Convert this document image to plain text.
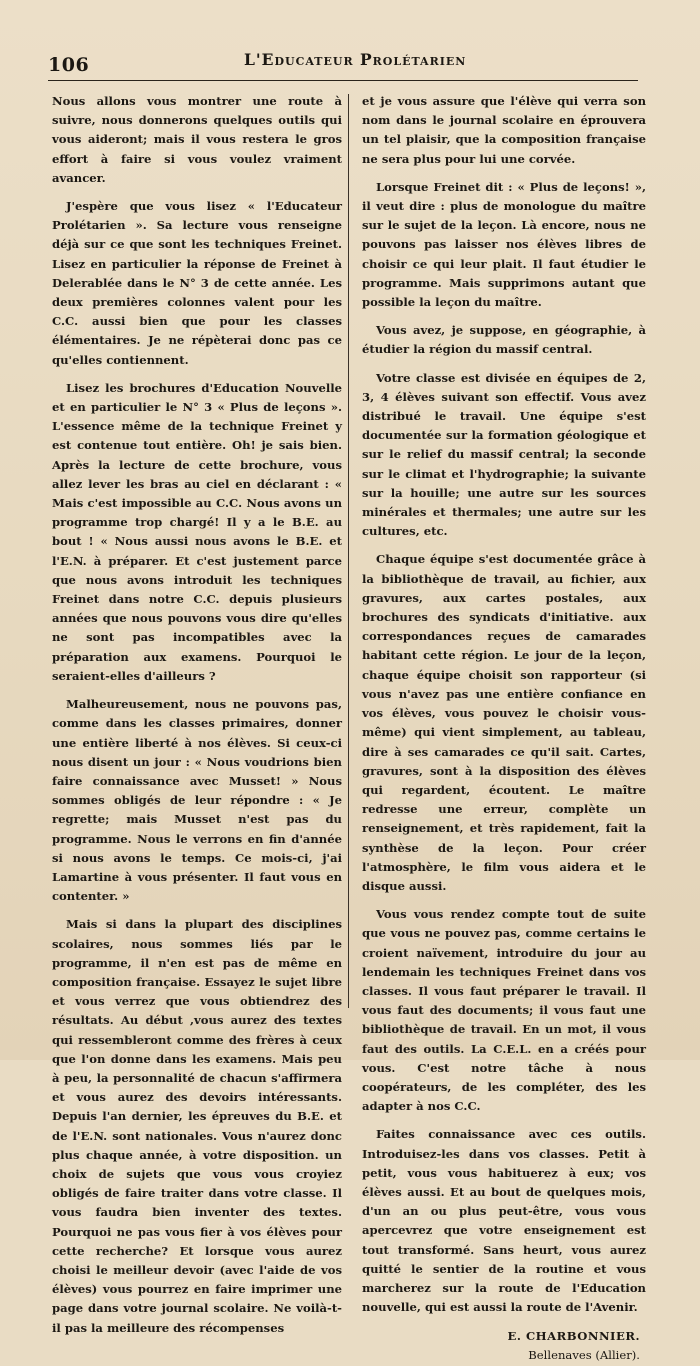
106	L'Educateur Prolétarien

Nous allons vous montrer une route à suivre, nous donnerons quelques outils qui vous aideront; mais il vous restera le gros effort à faire si vous voulez vraiment avancer.

J'espère que vous lisez « l'Educateur Prolétarien ». Sa lecture vous renseigne déjà sur ce que sont les techniques Freinet. Lisez en particulier la réponse de Freinet à Delerablée dans le N° 3 de cette année. Les deux premières colonnes valent pour les C.C. aussi bien que pour les classes élémentaires. Je ne répèterai donc pas ce qu'elles contiennent.

Lisez les brochures d'Education Nouvelle et en particulier le N° 3 « Plus de leçons ». L'essence même de la technique Freinet y est contenue tout entière. Oh! je sais bien. Après la lecture de cette brochure, vous allez lever les bras au ciel en déclarant : « Mais c'est impossible au C.C. Nous avons un programme trop chargé! Il y a le B.E. au bout ! « Nous aussi nous avons le B.E. et l'E.N. à préparer. Et c'est justement parce que nous avons introduit les techniques Freinet dans notre C.C. depuis plusieurs années que nous pouvons vous dire qu'elles ne sont pas incompatibles avec la préparation aux examens. Pourquoi le seraient-elles d'ailleurs ?

Malheureusement, nous ne pouvons pas, comme dans les classes primaires, donner une entière liberté à nos élèves. Si ceux-ci nous disent un jour : « Nous voudrions bien faire connaissance avec Musset! » Nous sommes obligés de leur répondre : « Je regrette; mais Musset n'est pas du programme. Nous le verrons en fin d'année si nous avons le temps. Ce mois-ci, j'ai Lamartine à vous présenter. Il faut vous en contenter. »

Mais si dans la plupart des disciplines scolaires, nous sommes liés par le programme, il n'en est pas de même en composition française. Essayez le sujet libre et vous verrez que vous obtiendrez des résultats. Au début ,vous aurez des textes qui ressembleront comme des frères à ceux que l'on donne dans les examens. Mais peu à peu, la personnalité de chacun s'affirmera et vous aurez des devoirs intéressants. Depuis l'an dernier, les épreuves du B.E. et de l'E.N. sont nationales. Vous n'aurez donc plus chaque année, à votre disposition. un choix de sujets que vous vous croyiez obligés de faire traiter dans votre classe. Il vous faudra bien inventer des textes. Pourquoi ne pas vous fier à vos élèves pour cette recherche? Et lorsque vous aurez choisi le meilleur devoir (avec l'aide de vos élèves) vous pourrez en faire imprimer une page dans votre journal scolaire. Ne voilà-t-il pas la meilleure des récompenses

et je vous assure que l'élève qui verra son nom dans le journal scolaire en éprouvera un tel plaisir, que la composition française ne sera plus pour lui une corvée.

Lorsque Freinet dit : « Plus de leçons! », il veut dire : plus de monologue du maître sur le sujet de la leçon. Là encore, nous ne pouvons pas laisser nos élèves libres de choisir ce qui leur plait. Il faut étudier le programme. Mais supprimons autant que possible la leçon du maître.

Vous avez, je suppose, en géographie, à étudier la région du massif central.

Votre classe est divisée en équipes de 2, 3, 4 élèves suivant son effectif. Vous avez distribué le travail. Une équipe s'est documentée sur la formation géologique et sur le relief du massif central; la seconde sur le climat et l'hydrographie; la suivante sur la houille; une autre sur les sources minérales et thermales; une autre sur les cultures, etc.

Chaque équipe s'est documentée grâce à la bibliothèque de travail, au fichier, aux gravures, aux cartes postales, aux brochures des syndicats d'initiative. aux correspondances reçues de camarades habitant cette région. Le jour de la leçon, chaque équipe choisit son rapporteur (si vous n'avez pas une entière confiance en vos élèves, vous pouvez le choisir vous-même) qui vient simplement, au tableau, dire à ses camarades ce qu'il sait. Cartes, gravures, sont à la disposition des élèves qui regardent, écoutent. Le maître redresse une erreur, complète un renseignement, et très rapidement, fait la synthèse de la leçon. Pour créer l'atmosphère, le film vous aidera et le disque aussi.

Vous vous rendez compte tout de suite que vous ne pouvez pas, comme certains le croient naïvement, introduire du jour au lendemain les techniques Freinet dans vos classes. Il vous faut préparer le travail. Il vous faut des documents; il vous faut une bibliothèque de travail. En un mot, il vous faut des outils. La C.E.L. en a créés pour vous. C'est notre tâche à nous coopérateurs, de les compléter, des les adapter à nos C.C.

Faites connaissance avec ces outils. Introduisez-les dans vos classes. Petit à petit, vous vous habituerez à eux; vos élèves aussi. Et au bout de quelques mois, d'un an ou plus peut-être, vous vous apercevrez que votre enseignement est tout transformé. Sans heurt, vous aurez quitté le sentier de la routine et vous marcherez sur la route de l'Education nouvelle, qui est aussi la route de l'Avenir.

E. CHARBONNIER.
Bellenaves (Allier).
